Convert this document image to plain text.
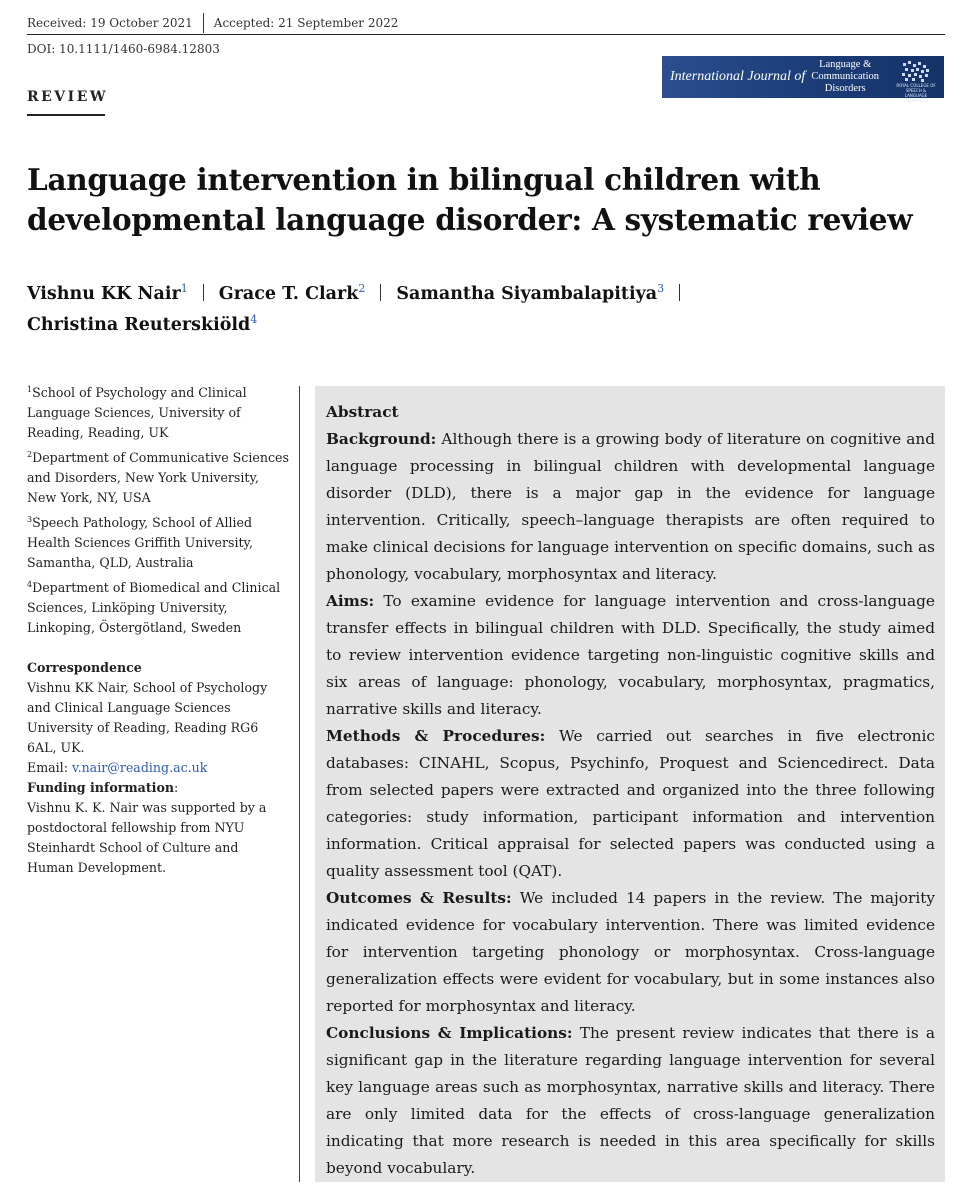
Received: 19 October 2021 Accepted: 21 September 2022
DOI: 10.1111/1460-6984.12803
International Journal of
Language &
Communication
Disorders	ROYAL COLLEGE OF SPEECH & LANGUAGE THERAPISTS
REVIEW
Language intervention in bilingual children with developmental language disorder: A systematic review
Vishnu KK Nair$^1$ Grace T. Clark$^2$ Samantha Siyambalapitiya$^3$
Christina Reuterskiöld$^4$
$^1$School of Psychology and Clinical Language Sciences, University of Reading, Reading, UK
$^2$Department of Communicative Sciences and Disorders, New York University, New York, NY, USA
$^3$Speech Pathology, School of Allied Health Sciences Griffith University, Samantha, QLD, Australia
$^4$Department of Biomedical and Clinical Sciences, Linköping University, Linkoping, Östergötland, Sweden
Correspondence
Vishnu KK Nair, School of Psychology and Clinical Language Sciences University of Reading, Reading RG6 6AL, UK.
Email: v.nair@reading.ac.uk
Funding information:
Vishnu K. K. Nair was supported by a postdoctoral fellowship from NYU Steinhardt School of Culture and Human Development.
Abstract

Background: Although there is a growing body of literature on cognitive and language processing in bilingual children with developmental language disorder (DLD), there is a major gap in the evidence for language intervention. Critically, speech–language therapists are often required to make clinical decisions for language intervention on specific domains, such as phonology, vocabulary, morphosyntax and literacy.

Aims: To examine evidence for language intervention and cross-language transfer effects in bilingual children with DLD. Specifically, the study aimed to review intervention evidence targeting non-linguistic cognitive skills and six areas of language: phonology, vocabulary, morphosyntax, pragmatics, narrative skills and literacy.

Methods & Procedures: We carried out searches in five electronic databases: CINAHL, Scopus, Psychinfo, Proquest and Sciencedirect. Data from selected papers were extracted and organized into the three following categories: study information, participant information and intervention information. Critical appraisal for selected papers was conducted using a quality assessment tool (QAT).

Outcomes & Results: We included 14 papers in the review. The majority indicated evidence for vocabulary intervention. There was limited evidence for intervention targeting phonology or morphosyntax. Cross-language generalization effects were evident for vocabulary, but in some instances also reported for morphosyntax and literacy.

Conclusions & Implications: The present review indicates that there is a significant gap in the literature regarding language intervention for several key language areas such as morphosyntax, narrative skills and literacy. There are only limited data for the effects of cross-language generalization indicating that more research is needed in this area specifically for skills beyond vocabulary.
